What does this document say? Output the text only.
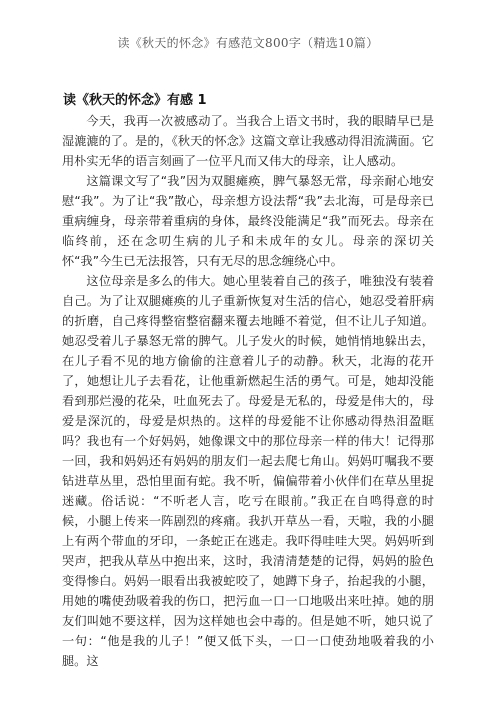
读《秋天的怀念》有感范文800字（精选10篇）
读《秋天的怀念》有感 1

今天，我再一次被感动了。当我合上语文书时，我的眼睛早已是湿漉漉的了。是的，《秋天的怀念》这篇文章让我感动得泪流满面。它用朴实无华的语言刻画了一位平凡而又伟大的母亲，让人感动。

这篇课文写了“我”因为双腿瘫痪，脾气暴怒无常，母亲耐心地安慰“我”。为了让“我”散心，母亲想方设法帮“我”去北海，可是母亲已重病缠身，母亲带着重病的身体，最终没能满足“我”而死去。母亲在临终前，还在念叨生病的儿子和未成年的女儿。母亲的深切关怀“我”今生已无法报答，只有无尽的思念缠绕心中。

这位母亲是多么的伟大。她心里装着自己的孩子，唯独没有装着自己。为了让双腿瘫痪的儿子重新恢复对生活的信心，她忍受着肝病的折磨，自己疼得整宿整宿翻来覆去地睡不着觉，但不让儿子知道。她忍受着儿子暴怒无常的脾气。儿子发火的时候，她悄悄地躲出去，在儿子看不见的地方偷偷的注意着儿子的动静。秋天，北海的花开了，她想让儿子去看花，让他重新燃起生活的勇气。可是，她却没能看到那烂漫的花朵，吐血死去了。母爱是无私的，母爱是伟大的，母爱是深沉的，母爱是炽热的。这样的母爱能不让你感动得热泪盈眶吗？我也有一个好妈妈，她像课文中的那位母亲一样的伟大！记得那一回，我和妈妈还有妈妈的朋友们一起去爬七角山。妈妈叮嘱我不要钻进草丛里，恐怕里面有蛇。我不听，偏偏带着小伙伴们在草丛里捉迷藏。俗话说：“不听老人言，吃亏在眼前。”我正在自鸣得意的时候，小腿上传来一阵剧烈的疼痛。我扒开草丛一看，天啦，我的小腿上有两个带血的牙印，一条蛇正在逃走。我吓得哇哇大哭。妈妈听到哭声，把我从草丛中抱出来，这时，我清清楚楚的记得，妈妈的脸色变得惨白。妈妈一眼看出我被蛇咬了，她蹲下身子，抬起我的小腿，用她的嘴使劲吸着我的伤口，把污血一口一口地吸出来吐掉。她的朋友们叫她不要这样，因为这样她也会中毒的。但是她不听，她只说了一句：“他是我的儿子！”便又低下头，一口一口使劲地吸着我的小腿。这
